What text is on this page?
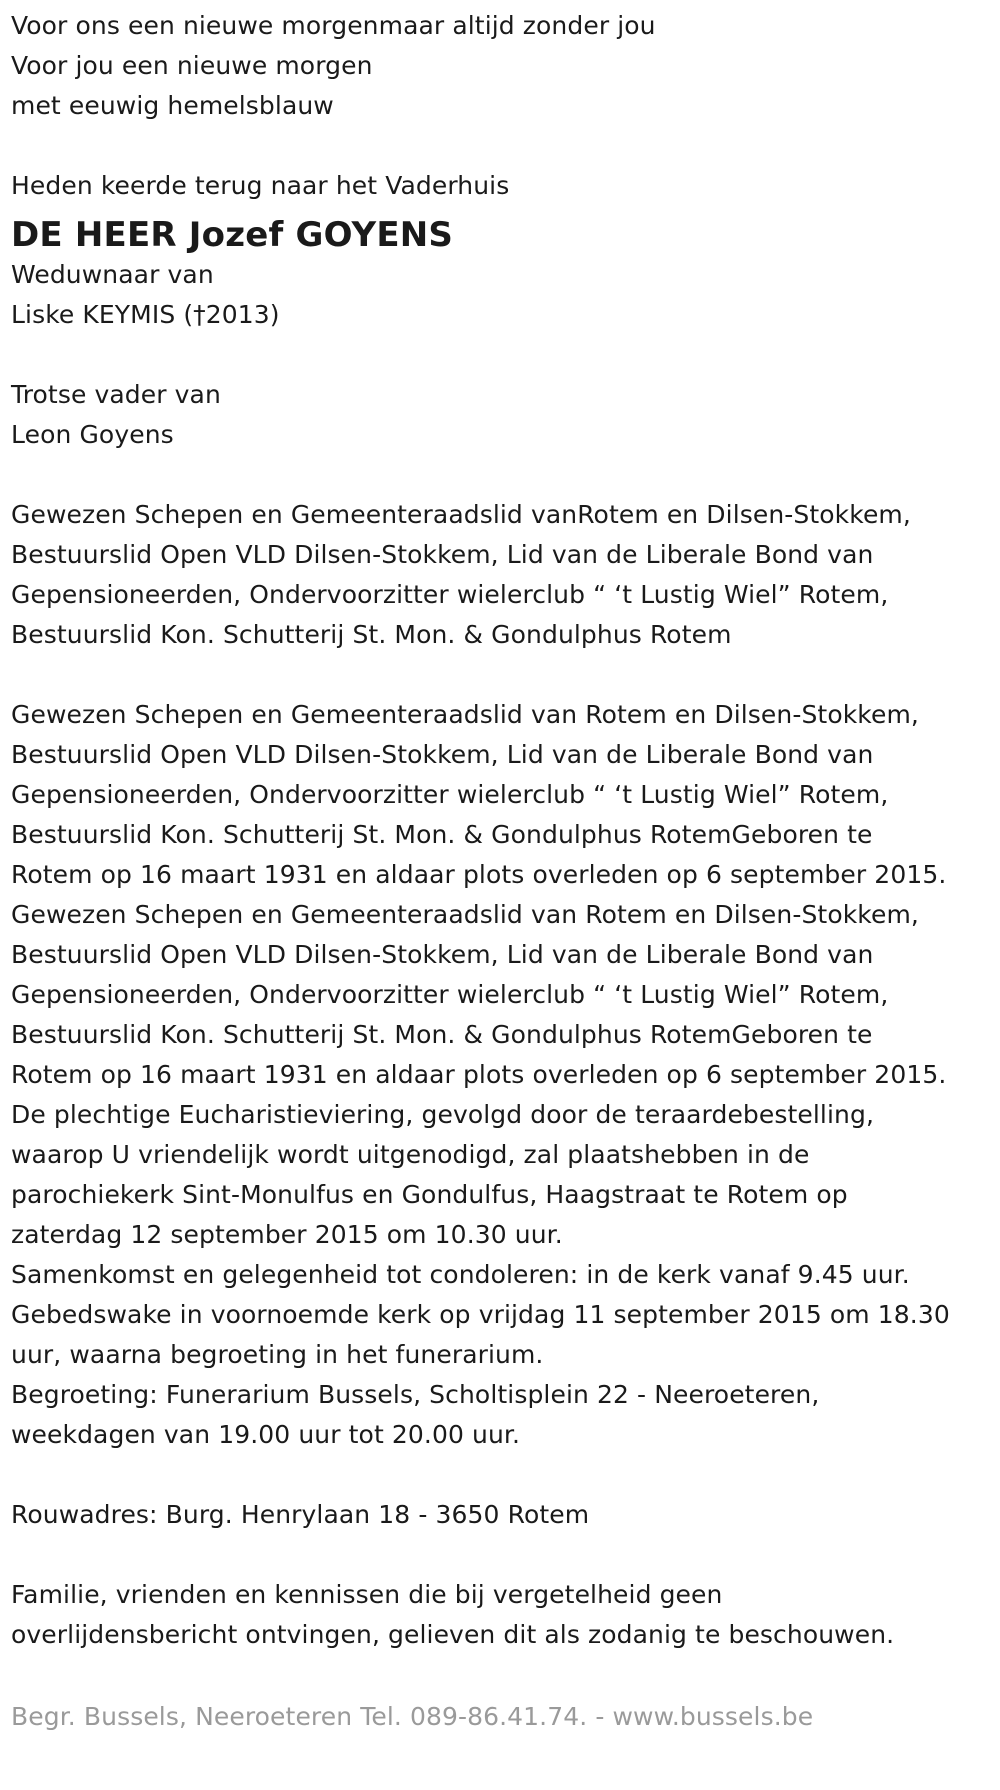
Voor ons een nieuwe morgenmaar altijd zonder jou
Voor jou een nieuwe morgen
met eeuwig hemelsblauw
Heden keerde terug naar het Vaderhuis
DE HEER Jozef GOYENS
Weduwnaar van
Liske KEYMIS (†2013)
Trotse vader van
Leon Goyens
Gewezen Schepen en Gemeenteraadslid vanRotem en Dilsen-Stokkem,
Bestuurslid Open VLD Dilsen-Stokkem, Lid van de Liberale Bond van
Gepensioneerden, Ondervoorzitter wielerclub “ ‘t Lustig Wiel” Rotem,
Bestuurslid Kon. Schutterij St. Mon. & Gondulphus Rotem
Gewezen Schepen en Gemeenteraadslid van Rotem en Dilsen-Stokkem,
Bestuurslid Open VLD Dilsen-Stokkem, Lid van de Liberale Bond van
Gepensioneerden, Ondervoorzitter wielerclub “ ‘t Lustig Wiel” Rotem,
Bestuurslid Kon. Schutterij St. Mon. & Gondulphus RotemGeboren te
Rotem op 16 maart 1931 en aldaar plots overleden op 6 september 2015.
Gewezen Schepen en Gemeenteraadslid van Rotem en Dilsen-Stokkem,
Bestuurslid Open VLD Dilsen-Stokkem, Lid van de Liberale Bond van
Gepensioneerden, Ondervoorzitter wielerclub “ ‘t Lustig Wiel” Rotem,
Bestuurslid Kon. Schutterij St. Mon. & Gondulphus RotemGeboren te
Rotem op 16 maart 1931 en aldaar plots overleden op 6 september 2015.
De plechtige Eucharistieviering, gevolgd door de teraardebestelling,
waarop U vriendelijk wordt uitgenodigd, zal plaatshebben in de
parochiekerk Sint-Monulfus en Gondulfus, Haagstraat te Rotem op
zaterdag 12 september 2015 om 10.30 uur.
Samenkomst en gelegenheid tot condoleren: in de kerk vanaf 9.45 uur.
Gebedswake in voornoemde kerk op vrijdag 11 september 2015 om 18.30
uur, waarna begroeting in het funerarium.
Begroeting: Funerarium Bussels, Scholtisplein 22 - Neeroeteren,
weekdagen van 19.00 uur tot 20.00 uur.
Rouwadres: Burg. Henrylaan 18 - 3650 Rotem
Familie, vrienden en kennissen die bij vergetelheid geen
overlijdensbericht ontvingen, gelieven dit als zodanig te beschouwen.
Begr. Bussels, Neeroeteren Tel. 089-86.41.74. - www.bussels.be
